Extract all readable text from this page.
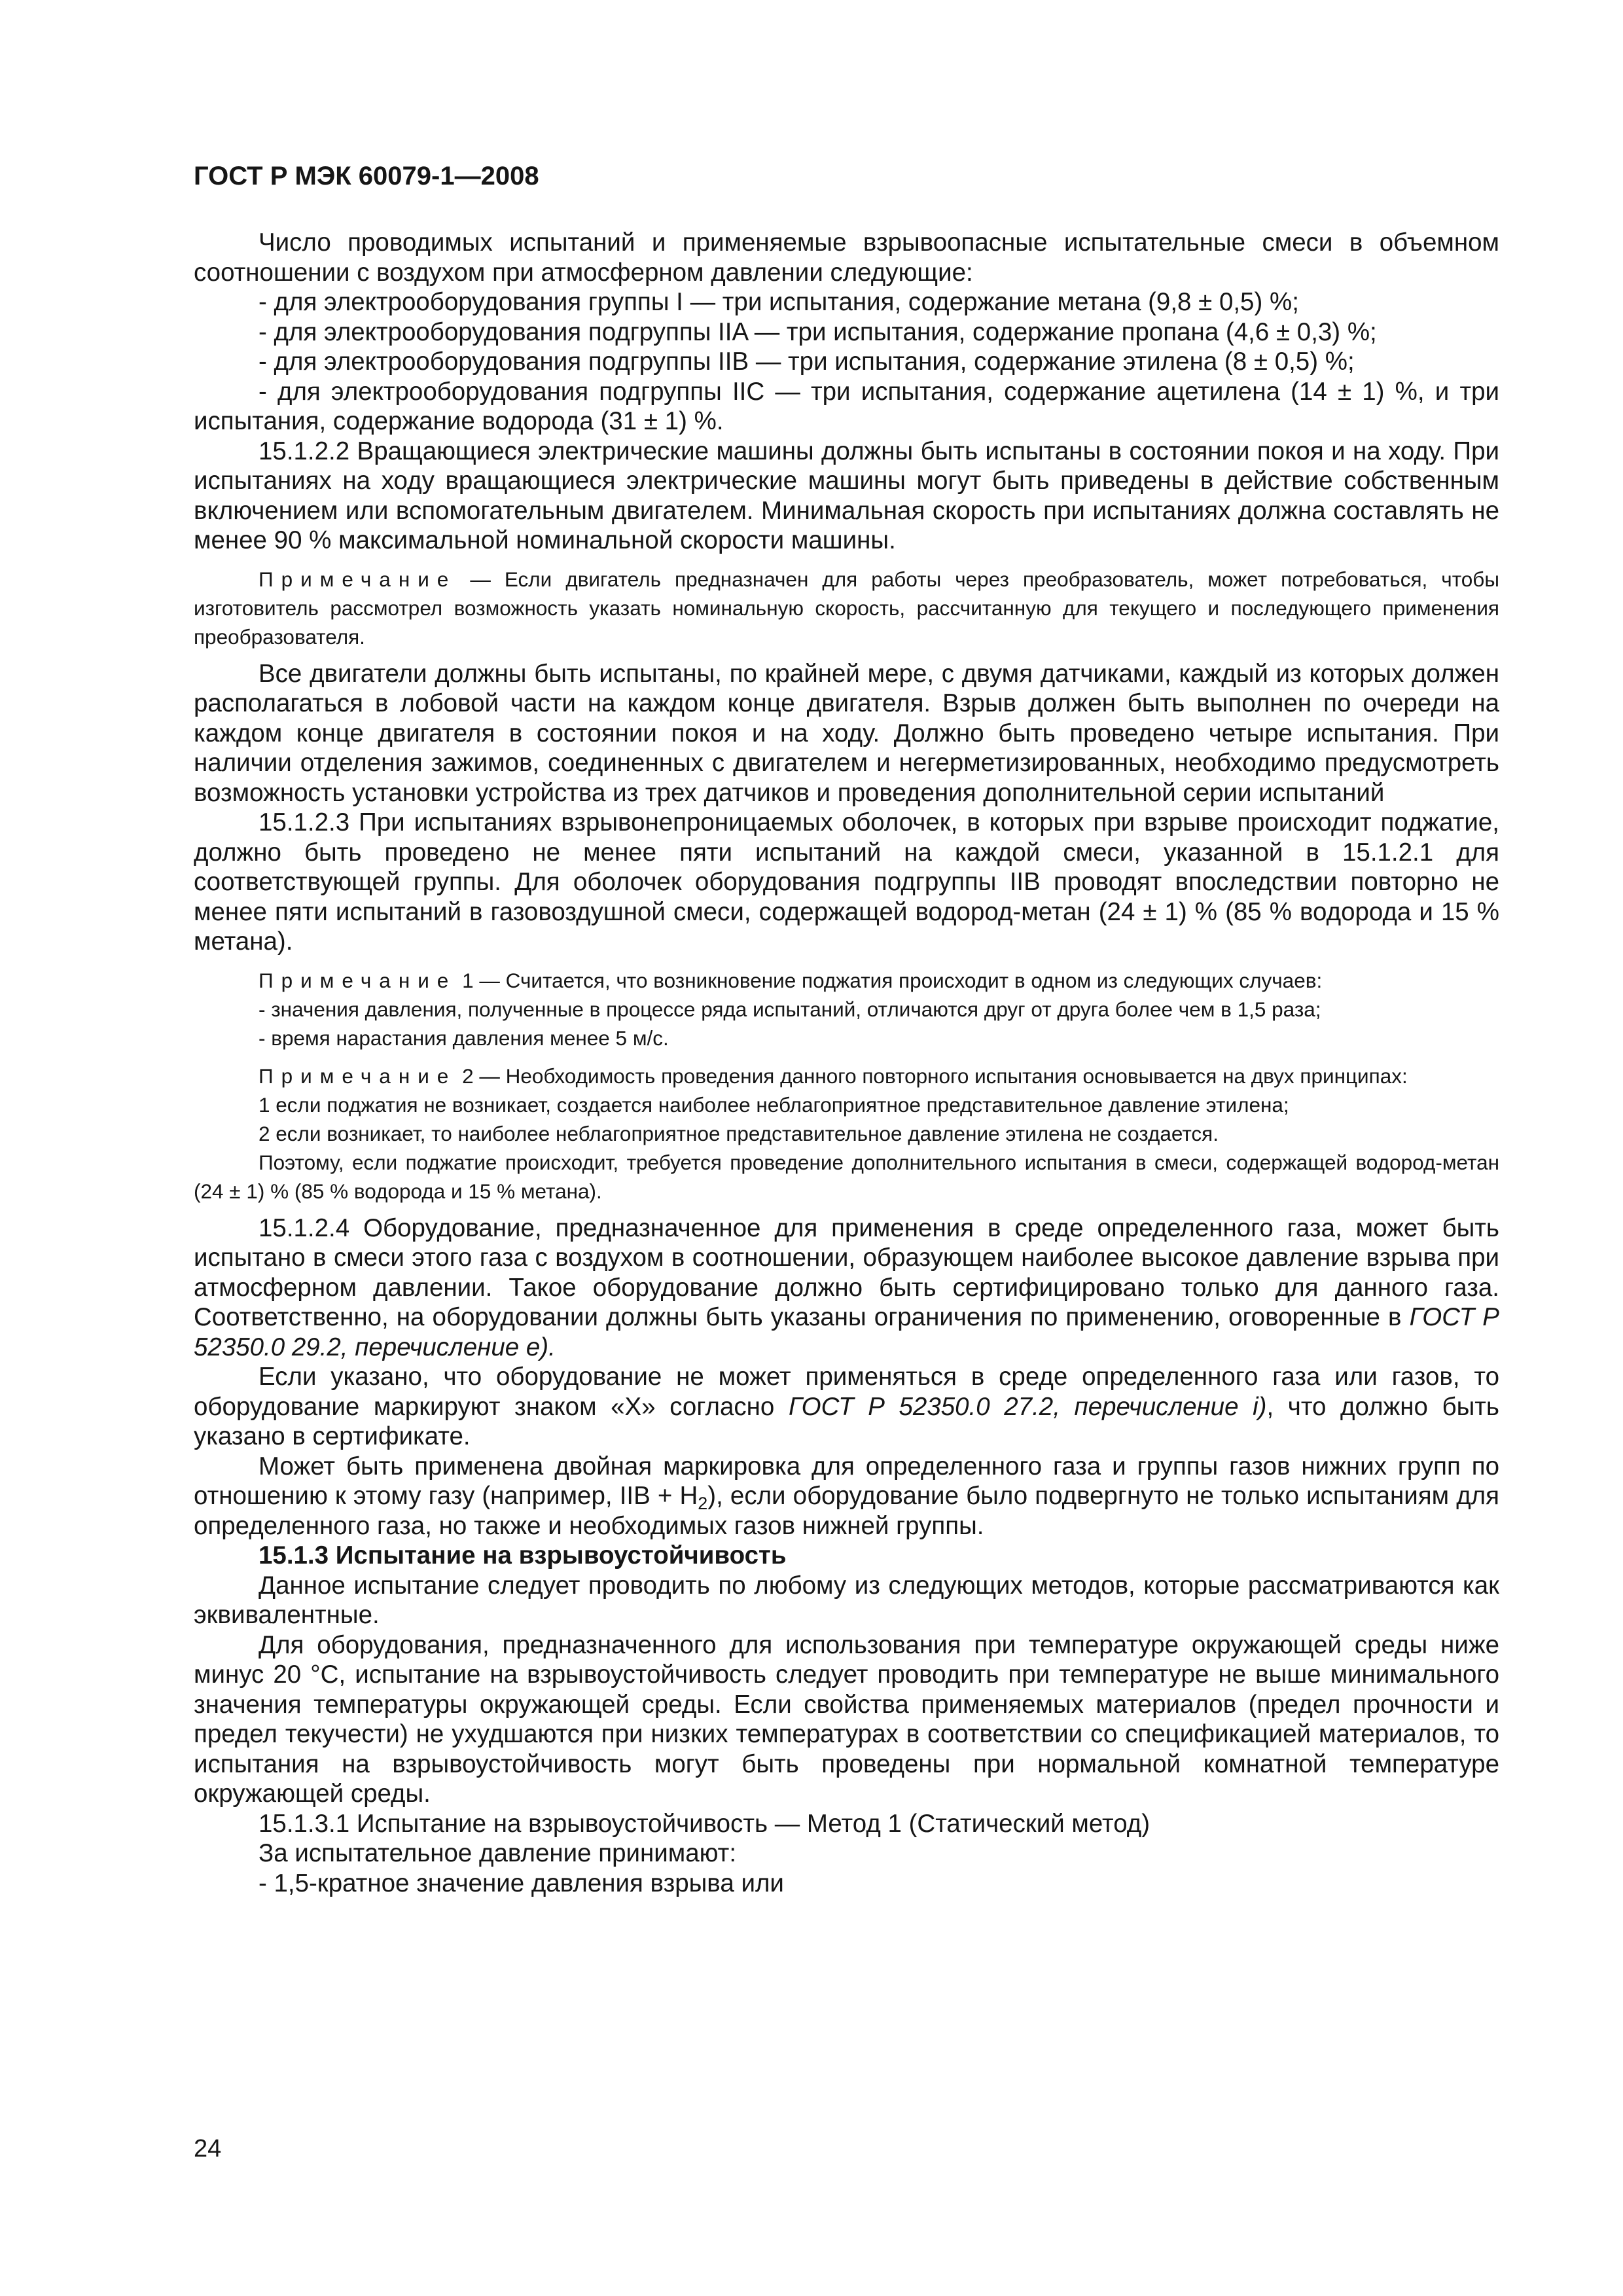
ГОСТ Р МЭК 60079-1—2008

Число проводимых испытаний и применяемые взрывоопасные испытательные смеси в объемном соотношении с воздухом при атмосферном давлении следующие:

- для электрооборудования группы I — три испытания, содержание метана (9,8 ± 0,5) %;

- для электрооборудования подгруппы IIA — три испытания, содержание пропана (4,6 ± 0,3) %;

- для электрооборудования подгруппы IIB — три испытания, содержание этилена (8 ± 0,5) %;

- для электрооборудования подгруппы IIC — три испытания, содержание ацетилена (14 ± 1) %, и три испытания, содержание водорода (31 ± 1) %.

15.1.2.2 Вращающиеся электрические машины должны быть испытаны в состоянии покоя и на ходу. При испытаниях на ходу вращающиеся электрические машины могут быть приведены в действие собственным включением или вспомогательным двигателем. Минимальная скорость при испытаниях должна составлять не менее 90 % максимальной номинальной скорости машины.

Примечание — Если двигатель предназначен для работы через преобразователь, может потребоваться, чтобы изготовитель рассмотрел возможность указать номинальную скорость, рассчитанную для текущего и последующего применения преобразователя.

Все двигатели должны быть испытаны, по крайней мере, с двумя датчиками, каждый из которых должен располагаться в лобовой части на каждом конце двигателя. Взрыв должен быть выполнен по очереди на каждом конце двигателя в состоянии покоя и на ходу. Должно быть проведено четыре испытания. При наличии отделения зажимов, соединенных с двигателем и негерметизированных, необходимо предусмотреть возможность установки устройства из трех датчиков и проведения дополнительной серии испытаний

15.1.2.3 При испытаниях взрывонепроницаемых оболочек, в которых при взрыве происходит поджатие, должно быть проведено не менее пяти испытаний на каждой смеси, указанной в 15.1.2.1 для соответствующей группы. Для оболочек оборудования подгруппы IIB проводят впоследствии повторно не менее пяти испытаний в газовоздушной смеси, содержащей водород-метан (24 ± 1) % (85 % водорода и 15 % метана).

Примечание 1 — Считается, что возникновение поджатия происходит в одном из следующих случаев:

- значения давления, полученные в процессе ряда испытаний, отличаются друг от друга более чем в 1,5 раза;

- время нарастания давления менее 5 м/с.

Примечание 2 — Необходимость проведения данного повторного испытания основывается на двух принципах:

1 если поджатия не возникает, создается наиболее неблагоприятное представительное давление этилена;

2 если возникает, то наиболее неблагоприятное представительное давление этилена не создается.

Поэтому, если поджатие происходит, требуется проведение дополнительного испытания в смеси, содержащей водород-метан (24 ± 1) % (85 % водорода и 15 % метана).

15.1.2.4 Оборудование, предназначенное для применения в среде определенного газа, может быть испытано в смеси этого газа с воздухом в соотношении, образующем наиболее высокое давление взрыва при атмосферном давлении. Такое оборудование должно быть сертифицировано только для данного газа. Соответственно, на оборудовании должны быть указаны ограничения по применению, оговоренные в ГОСТ Р 52350.0 29.2, перечисление е).

Если указано, что оборудование не может применяться в среде определенного газа или газов, то оборудование маркируют знаком «X» согласно ГОСТ Р 52350.0 27.2, перечисление i), что должно быть указано в сертификате.

Может быть применена двойная маркировка для определенного газа и группы газов нижних групп по отношению к этому газу (например, IIB + $H_2$), если оборудование было подвергнуто не только испытаниям для определенного газа, но также и необходимых газов нижней группы.

15.1.3 Испытание на взрывоустойчивость

Данное испытание следует проводить по любому из следующих методов, которые рассматриваются как эквивалентные.

Для оборудования, предназначенного для использования при температуре окружающей среды ниже минус 20 °С, испытание на взрывоустойчивость следует проводить при температуре не выше минимального значения температуры окружающей среды. Если свойства применяемых материалов (предел прочности и предел текучести) не ухудшаются при низких температурах в соответствии со спецификацией материалов, то испытания на взрывоустойчивость могут быть проведены при нормальной комнатной температуре окружающей среды.

15.1.3.1 Испытание на взрывоустойчивость — Метод 1 (Статический метод)

За испытательное давление принимают:

- 1,5-кратное значение давления взрыва или

24
